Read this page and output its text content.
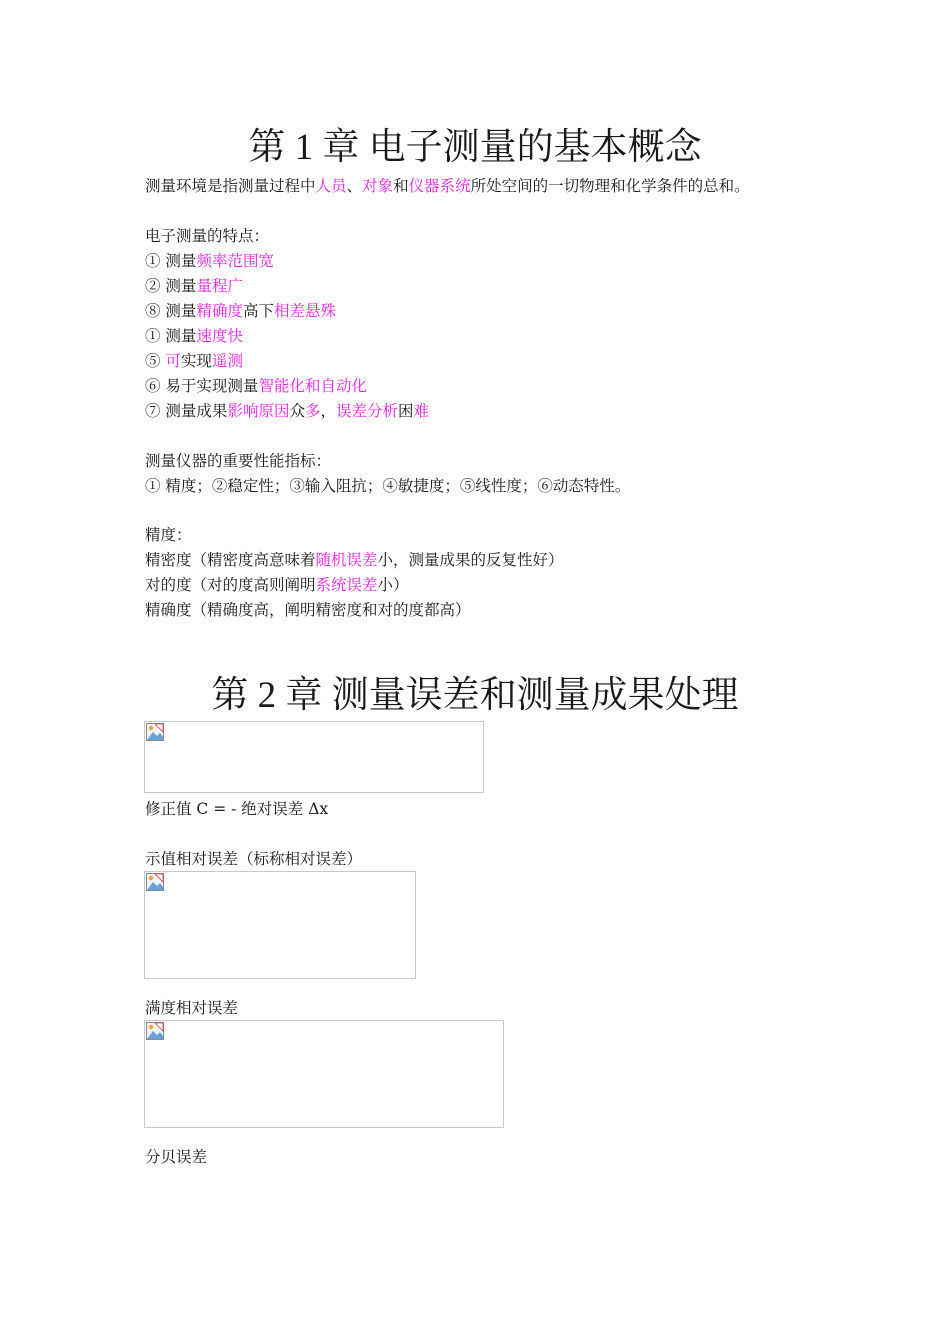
第 1 章 电子测量的基本概念

测量环境是指测量过程中人员、对象和仪器系统所处空间的一切物理和化学条件的总和。

电子测量的特点：

① 测量频率范围宽

② 测量量程广

⑧ 测量精确度高下相差悬殊

① 测量速度快

⑤ 可实现遥测

⑥ 易于实现测量智能化和自动化

⑦ 测量成果影响原因众多，误差分析困难

测量仪器的重要性能指标：

① 精度；②稳定性；③输入阻抗；④敏捷度；⑤线性度；⑥动态特性。

精度：

精密度（精密度高意味着随机误差小，测量成果的反复性好）

对的度（对的度高则阐明系统误差小）

精确度（精确度高，阐明精密度和对的度都高）

第 2 章 测量误差和测量成果处理

修正值 C = - 绝对误差 Δx

示值相对误差（标称相对误差）

满度相对误差

分贝误差
